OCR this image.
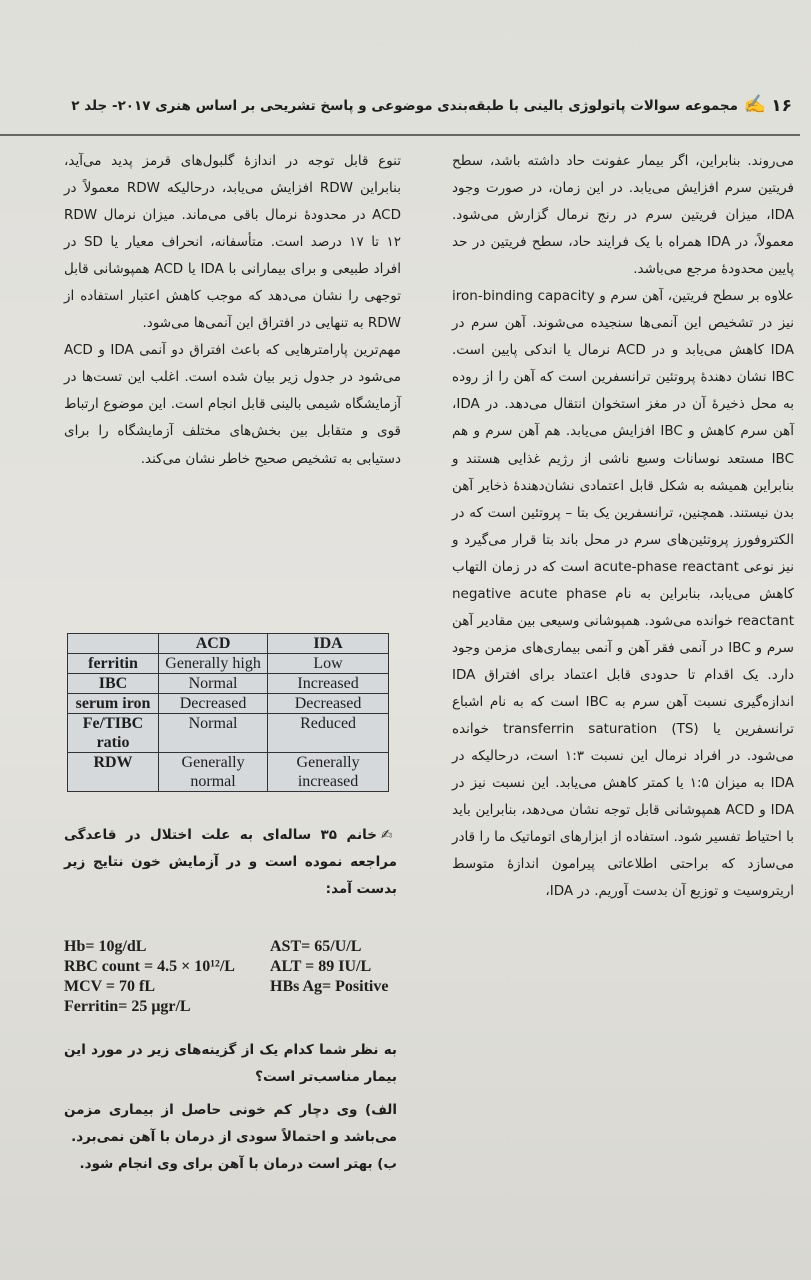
۱۶
✍
مجموعه سوالات پاتولوژی بالینی با طبقه‌بندی موضوعی و پاسخ تشریحی بر اساس هنری ۲۰۱۷- جلد ۲

می‌روند. بنابراین، اگر بیمار عفونت حاد داشته باشد، سطح فریتین سرم افزایش می‌یابد. در این زمان، در صورت وجود IDA، میزان فریتین سرم در رنج نرمال گزارش می‌شود. معمولاً، در IDA همراه با یک فرایند حاد، سطح فریتین در حد پایین محدودهٔ مرجع می‌باشد.

علاوه بر سطح فریتین، آهن سرم و iron-binding capacity نیز در تشخیص این آنمی‌ها سنجیده می‌شوند. آهن سرم در IDA کاهش می‌یابد و در ACD نرمال یا اندکی پایین است. IBC نشان دهندهٔ پروتئین ترانسفرین است که آهن را از روده به محل ذخیرهٔ آن در مغز استخوان انتقال می‌دهد. در IDA، آهن سرم کاهش و IBC افزایش می‌یابد. هم آهن سرم و هم IBC مستعد نوسانات وسیع ناشی از رژیم غذایی هستند و بنابراین همیشه به شکل قابل اعتمادی نشان‌دهندهٔ ذخایر آهن بدن نیستند. همچنین، ترانسفرین یک بتا – پروتئین است که در الکتروفورز پروتئین‌های سرم در محل باند بتا قرار می‌گیرد و نیز نوعی acute-phase reactant است که در زمان التهاب کاهش می‌یابد، بنابراین به نام negative acute phase reactant خوانده می‌شود. همپوشانی وسیعی بین مقادیر آهن سرم و IBC در آنمی فقر آهن و آنمی بیماری‌های مزمن وجود دارد. یک اقدام تا حدودی قابل اعتماد برای افتراق IDA اندازه‌گیری نسبت آهن سرم به IBC است که به نام اشباع ترانسفرین یا transferrin saturation (TS) خوانده می‌شود. در افراد نرمال این نسبت ۱:۳ است، درحالیکه در IDA به میزان ۱:۵ یا کمتر کاهش می‌یابد. این نسبت نیز در IDA و ACD همپوشانی قابل توجه نشان می‌دهد، بنابراین باید با احتیاط تفسیر شود. استفاده از ابزارهای اتوماتیک ما را قادر می‌سازد که براحتی اطلاعاتی پیرامون اندازهٔ متوسط اریتروسیت و توزیع آن بدست آوریم. در IDA،

تنوع قابل توجه در اندازهٔ گلبول‌های قرمز پدید می‌آید، بنابراین RDW افزایش می‌یابد، درحالیکه RDW معمولاً در ACD در محدودهٔ نرمال باقی می‌ماند. میزان نرمال RDW ۱۲ تا ۱۷ درصد است. متأسفانه، انحراف معیار یا SD در افراد طبیعی و برای بیمارانی با IDA یا ACD همپوشانی قابل توجهی را نشان می‌دهد که موجب کاهش اعتبار استفاده از RDW به تنهایی در افتراق این آنمی‌ها می‌شود.

مهم‌ترین پارامترهایی که باعث افتراق دو آنمی IDA و ACD می‌شود در جدول زیر بیان شده است. اغلب این تست‌ها در آزمایشگاه شیمی بالینی قابل انجام است. این موضوع ارتباط قوی و متقابل بین بخش‌های مختلف آزمایشگاه را برای دستیابی به تشخیص صحیح خاطر نشان می‌کند.

	ACD	IDA
ferritin	Generally high	Low
IBC	Normal	Increased
serum iron	Decreased	Decreased
Fe/TIBC ratio	Normal	Reduced
RDW	Generally normal	Generally increased
✍خانم ۳۵ ساله‌ای به علت اختلال در قاعدگی مراجعه نموده است و در آزمایش خون نتایج زیر بدست آمد:
Hb= 10g/dL	AST= 65/U/L
RBC count = 4.5 × 10¹²/L ALT = 89 IU/L
MCV = 70 fL	HBs Ag= Positive
Ferritin= 25 μgr/L

به نظر شما کدام یک از گزینه‌های زیر در مورد این بیمار مناسب‌تر است؟

الف) وی دچار کم خونی حاصل از بیماری مزمن می‌باشد و احتمالاً سودی از درمان با آهن نمی‌برد.

ب) بهتر است درمان با آهن برای وی انجام شود.
